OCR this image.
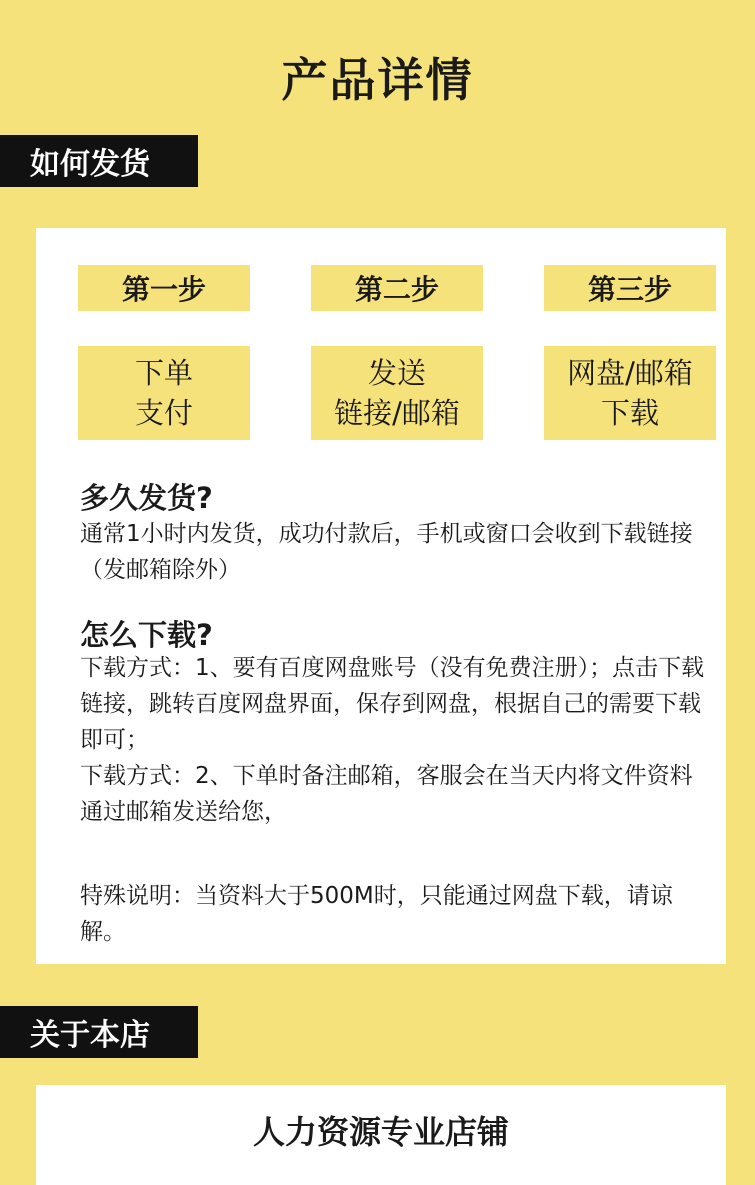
产品详情
如何发货
第一步	第二步	第三步
下单
支付
发送
链接/邮箱
网盘/邮箱
下载
多久发货?
通常1小时内发货，成功付款后，手机或窗口会收到下载链接（发邮箱除外）
怎么下载?

下载方式：1、要有百度网盘账号（没有免费注册）；点击下载链接，跳转百度网盘界面，保存到网盘，根据自己的需要下载即可；

下载方式：2、下单时备注邮箱，客服会在当天内将文件资料通过邮箱发送给您，

特殊说明：当资料大于500M时，只能通过网盘下载，请谅解。

关于本店
人力资源专业店铺
